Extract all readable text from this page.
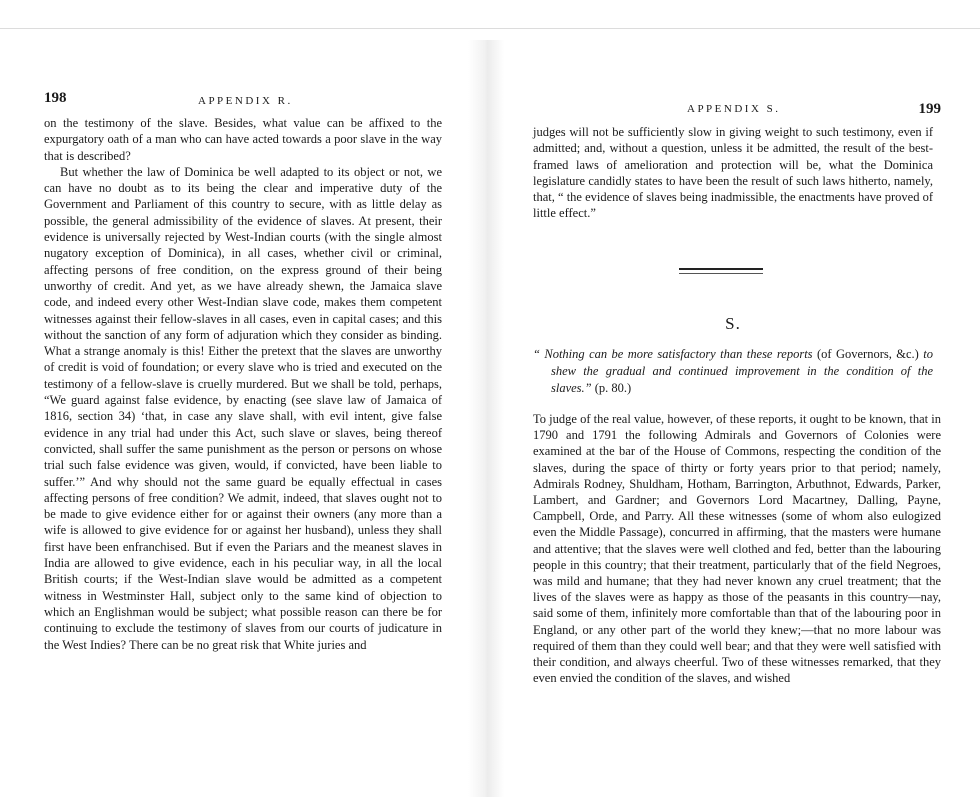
198	APPENDIX R.

on the testimony of the slave. Besides, what value can be affixed to the expurgatory oath of a man who can have acted towards a poor slave in the way that is described?

But whether the law of Dominica be well adapted to its object or not, we can have no doubt as to its being the clear and imperative duty of the Government and Parliament of this country to secure, with as little delay as possible, the general admissibility of the evidence of slaves. At present, their evidence is universally rejected by West-Indian courts (with the single almost nugatory exception of Dominica), in all cases, whether civil or criminal, affecting persons of free condition, on the express ground of their being unworthy of credit. And yet, as we have already shewn, the Jamaica slave code, and indeed every other West-Indian slave code, makes them competent witnesses against their fellow-slaves in all cases, even in capital cases; and this without the sanction of any form of adjuration which they consider as binding. What a strange anomaly is this! Either the pretext that the slaves are unworthy of credit is void of foundation; or every slave who is tried and executed on the testimony of a fellow-slave is cruelly murdered. But we shall be told, perhaps, “We guard against false evidence, by enacting (see slave law of Jamaica of 1816, section 34) ‘that, in case any slave shall, with evil intent, give false evidence in any trial had under this Act, such slave or slaves, being thereof convicted, shall suffer the same punishment as the person or persons on whose trial such false evidence was given, would, if convicted, have been liable to suffer.’” And why should not the same guard be equally effectual in cases affecting persons of free condition? We admit, indeed, that slaves ought not to be made to give evidence either for or against their owners (any more than a wife is allowed to give evidence for or against her husband), unless they shall first have been enfranchised. But if even the Pariars and the meanest slaves in India are allowed to give evidence, each in his peculiar way, in all the local British courts; if the West-Indian slave would be admitted as a competent witness in Westminster Hall, subject only to the same kind of objection to which an Englishman would be subject; what possible reason can there be for continuing to exclude the testimony of slaves from our courts of judicature in the West Indies? There can be no great risk that White juries and

APPENDIX S.	199

judges will not be sufficiently slow in giving weight to such testimony, even if admitted; and, without a question, unless it be admitted, the result of the best-framed laws of amelioration and protection will be, what the Dominica legislature candidly states to have been the result of such laws hitherto, namely, that, “ the evidence of slaves being inadmissible, the enactments have proved of little effect.”

S.

“ Nothing can be more satisfactory than these reports (of Governors, &c.) to shew the gradual and continued improvement in the condition of the slaves.” (p. 80.)

To judge of the real value, however, of these reports, it ought to be known, that in 1790 and 1791 the following Admirals and Governors of Colonies were examined at the bar of the House of Commons, respecting the condition of the slaves, during the space of thirty or forty years prior to that period; namely, Admirals Rodney, Shuldham, Hotham, Barrington, Arbuthnot, Edwards, Parker, Lambert, and Gardner; and Governors Lord Macartney, Dalling, Payne, Campbell, Orde, and Parry. All these witnesses (some of whom also eulogized even the Middle Passage), concurred in affirming, that the masters were humane and attentive; that the slaves were well clothed and fed, better than the labouring people in this country; that their treatment, particularly that of the field Negroes, was mild and humane; that they had never known any cruel treatment; that the lives of the slaves were as happy as those of the peasants in this country—nay, said some of them, infinitely more comfortable than that of the labouring poor in England, or any other part of the world they knew;—that no more labour was required of them than they could well bear; and that they were well satisfied with their condition, and always cheerful. Two of these witnesses remarked, that they even envied the condition of the slaves, and wished
